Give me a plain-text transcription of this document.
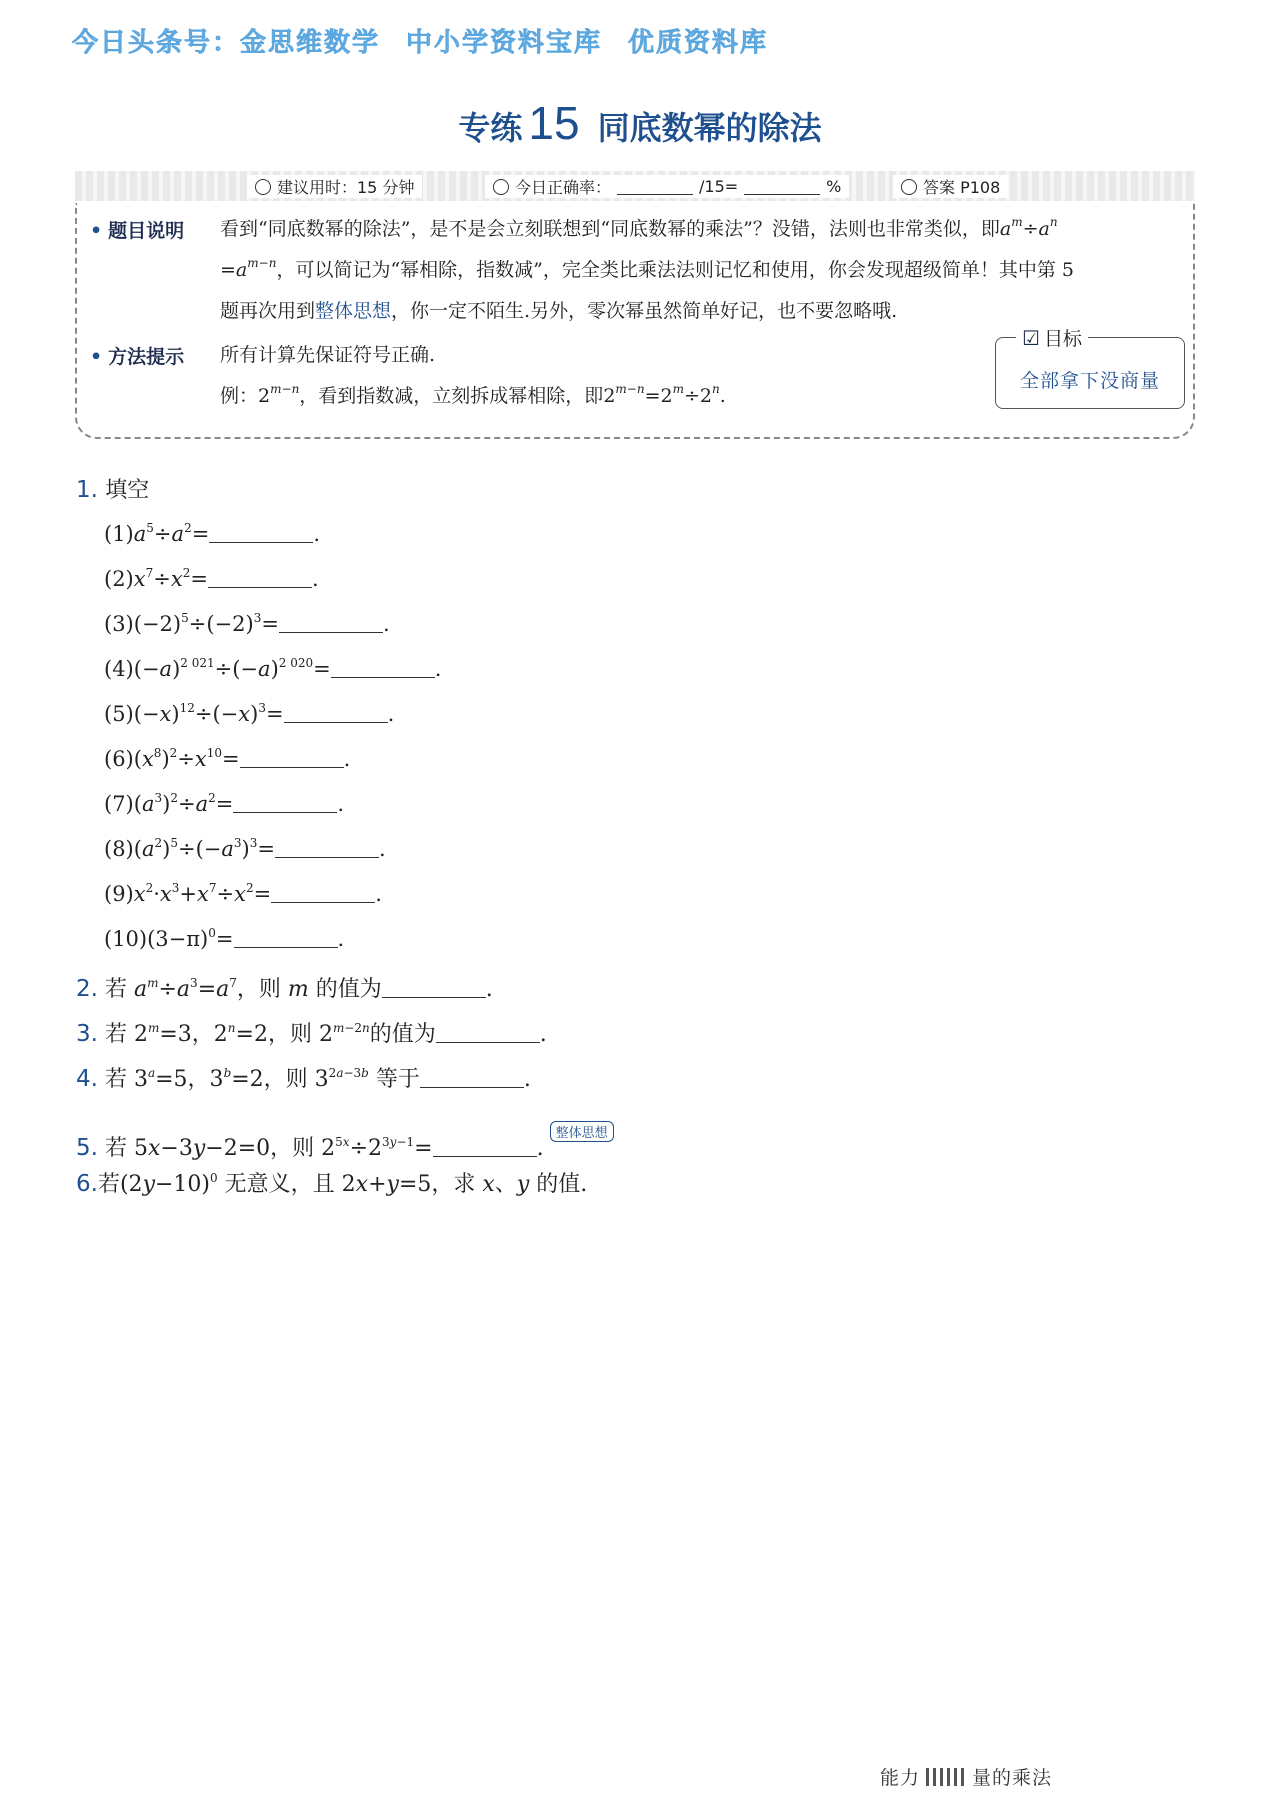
今日头条号：金思维数学 中小学资料宝库 优质资料库
专练 15 同底数幂的除法
建议用时：15 分钟	今日正确率：	/15=	%	答案 P108
• 题目说明 看到“同底数幂的除法”，是不是会立刻联想到“同底数幂的乘法”？没错，法则也非常类似，即$a^m\div a^n$
$=a^{m-n}$，可以简记为“幂相除，指数减”，完全类比乘法法则记忆和使用，你会发现超级简单！其中第 5
题再次用到整体思想，你一定不陌生.另外，零次幂虽然简单好记，也不要忽略哦.
• 方法提示 所有计算先保证符号正确.
例：$2^{m-n}$，看到指数减，立刻拆成幂相除，即$2^{m-n}=2^m\div 2^n$.
☑ 目标
全部拿下没商量
1. 填空
$(1)a^5\div a^2=$	.
$(2)x^7\div x^2=$	.
$(3)(-2)^5\div(-2)^3=$	.
$(4)(-a)^{2 021}\div(-a)^{2 020}=$	.
$(5)(-x)^{12}\div(-x)^3=$	.
$(6)(x^8)^2\div x^{10}=$	.
$(7)(a^3)^2\div a^2=$	.
$(8)(a^2)^5\div(-a^3)^3=$	.
$(9)x^2\cdot x^3+x^7\div x^2=$	.
$(10)(3-\pi)^0=$	.
2. 若 $a^m\div a^3=a^7$，则 m 的值为	.
3. 若 $2^m=3$，$2^n=2$，则 $2^{m-2n}$的值为	.
4. 若 $3^a=5$，$3^b=2$，则 $3^{2a-3b}$ 等于	.
5. 若 5x−3y−2=0，则 $2^{5x}\div 2^{3y-1}=$	.整体思想
6.若$(2y-10)^0$ 无意义，且 2x+y=5，求 x、y 的值.
能力	量的乘法
